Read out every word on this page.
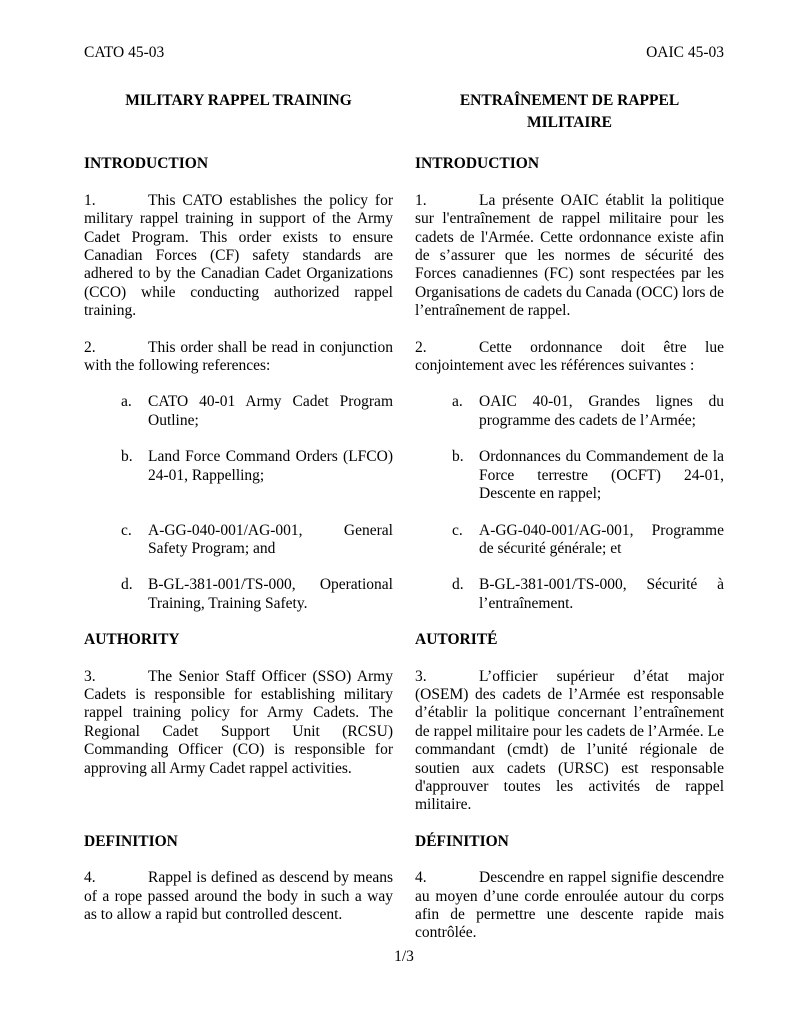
CATO 45-03	OAIC 45-03
MILITARY RAPPEL TRAINING	ENTRAÎNEMENT DE RAPPEL MILITAIRE
INTRODUCTION	INTRODUCTION
1.	This CATO establishes the policy for military rappel training in support of the Army Cadet Program. This order exists to ensure Canadian Forces (CF) safety standards are adhered to by the Canadian Cadet Organizations (CCO) while conducting authorized rappel training.
1.	La présente OAIC établit la politique sur l'entraînement de rappel militaire pour les cadets de l'Armée. Cette ordonnance existe afin de s’assurer que les normes de sécurité des Forces canadiennes (FC) sont respectées par les Organisations de cadets du Canada (OCC) lors de l’entraînement de rappel.
2.	This order shall be read in conjunction with the following references:
2.	Cette ordonnance doit être lue conjointement avec les références suivantes :
a. CATO 40-01 Army Cadet Program Outline;
a. OAIC 40-01, Grandes lignes du programme des cadets de l’Armée;
b. Land Force Command Orders (LFCO) 24-01, Rappelling;
b. Ordonnances du Commandement de la Force terrestre (OCFT) 24-01, Descente en rappel;
c. A-GG-040-001/AG-001, General Safety Program; and
c. A-GG-040-001/AG-001, Programme de sécurité générale; et
d. B-GL-381-001/TS-000, Operational Training, Training Safety.
d. B-GL-381-001/TS-000, Sécurité à l’entraînement.
AUTHORITY	AUTORITÉ
3.	The Senior Staff Officer (SSO) Army Cadets is responsible for establishing military rappel training policy for Army Cadets. The Regional Cadet Support Unit (RCSU) Commanding Officer (CO) is responsible for approving all Army Cadet rappel activities.
3.	L’officier supérieur d’état major (OSEM) des cadets de l’Armée est responsable d’établir la politique concernant l’entraînement de rappel militaire pour les cadets de l’Armée. Le commandant (cmdt) de l’unité régionale de soutien aux cadets (URSC) est responsable d'approuver toutes les activités de rappel militaire.
DEFINITION	DÉFINITION
4.	Rappel is defined as descend by means of a rope passed around the body in such a way as to allow a rapid but controlled descent.
4.	Descendre en rappel signifie descendre au moyen d’une corde enroulée autour du corps afin de permettre une descente rapide mais contrôlée.
1/3
